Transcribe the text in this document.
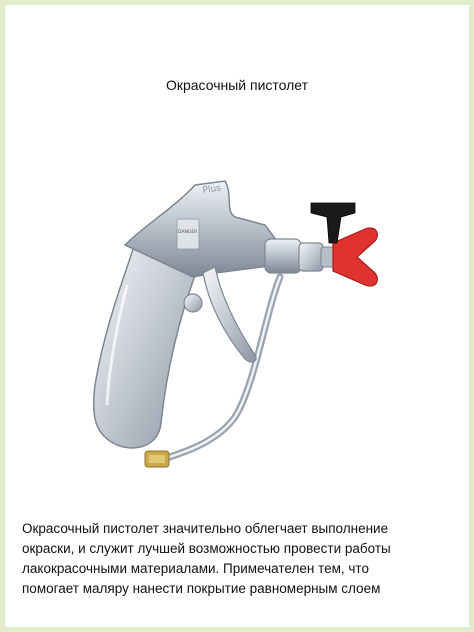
Окрасочный пистолет
Plus
DANGER
Окрасочный пистолет значительно облегчает выполнение
окраски, и служит лучшей возможностью провести работы
лакокрасочными материалами. Примечателен тем, что
помогает маляру нанести покрытие равномерным слоем
